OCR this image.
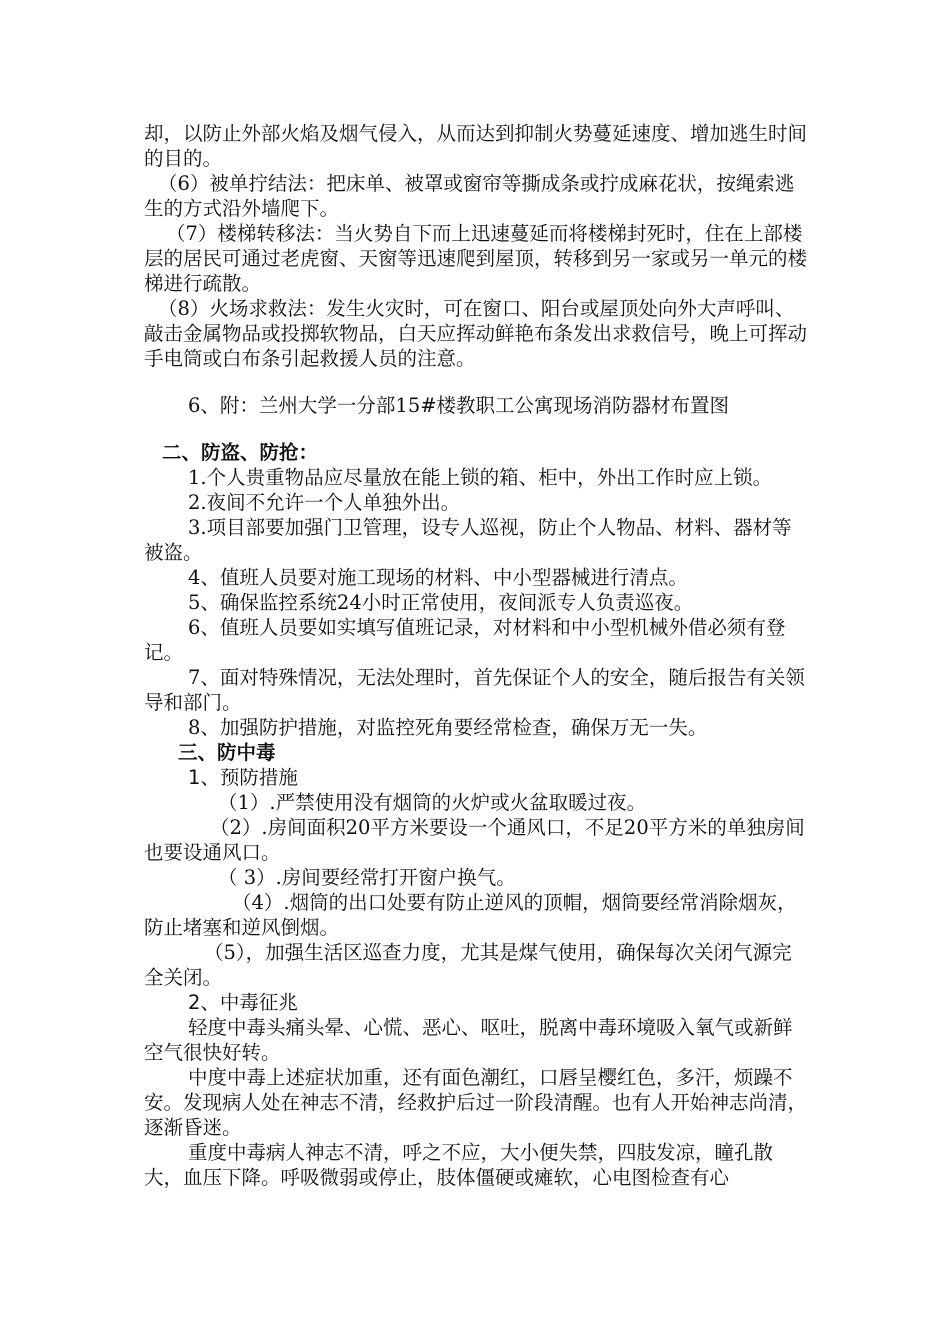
却，以防止外部火焰及烟气侵入，从而达到抑制火势蔓延速度、增加逃生时间的目的。

（6）被单拧结法：把床单、被罩或窗帘等撕成条或拧成麻花状，按绳索逃生的方式沿外墙爬下。

（7）楼梯转移法：当火势自下而上迅速蔓延而将楼梯封死时，住在上部楼层的居民可通过老虎窗、天窗等迅速爬到屋顶，转移到另一家或另一单元的楼梯进行疏散。

（8）火场求救法：发生火灾时，可在窗口、阳台或屋顶处向外大声呼叫、敲击金属物品或投掷软物品，白天应挥动鲜艳布条发出求救信号，晚上可挥动手电筒或白布条引起救援人员的注意。

6、附：兰州大学一分部15#楼教职工公寓现场消防器材布置图

二、防盗、防抢：

1.个人贵重物品应尽量放在能上锁的箱、柜中，外出工作时应上锁。

2.夜间不允许一个人单独外出。

3.项目部要加强门卫管理，设专人巡视，防止个人物品、材料、器材等被盗。

4、值班人员要对施工现场的材料、中小型器械进行清点。

5、确保监控系统24小时正常使用，夜间派专人负责巡夜。

6、值班人员要如实填写值班记录，对材料和中小型机械外借必须有登记。

7、面对特殊情况，无法处理时，首先保证个人的安全，随后报告有关领导和部门。

8、加强防护措施，对监控死角要经常检查，确保万无一失。

三、防中毒

1、预防措施

（1）.严禁使用没有烟筒的火炉或火盆取暖过夜。

（2）.房间面积20平方米要设一个通风口，不足20平方米的单独房间也要设通风口。

（ 3）.房间要经常打开窗户换气。

（4）.烟筒的出口处要有防止逆风的顶帽，烟筒要经常消除烟灰，防止堵塞和逆风倒烟。

（5），加强生活区巡查力度，尤其是煤气使用，确保每次关闭气源完全关闭。

2、中毒征兆

轻度中毒头痛头晕、心慌、恶心、呕吐，脱离中毒环境吸入氧气或新鲜空气很快好转。

中度中毒上述症状加重，还有面色潮红，口唇呈樱红色，多汗，烦躁不安。发现病人处在神志不清，经救护后过一阶段清醒。也有人开始神志尚清，逐渐昏迷。

重度中毒病人神志不清，呼之不应，大小便失禁，四肢发凉，瞳孔散大，血压下降。呼吸微弱或停止，肢体僵硬或瘫软，心电图检查有心
